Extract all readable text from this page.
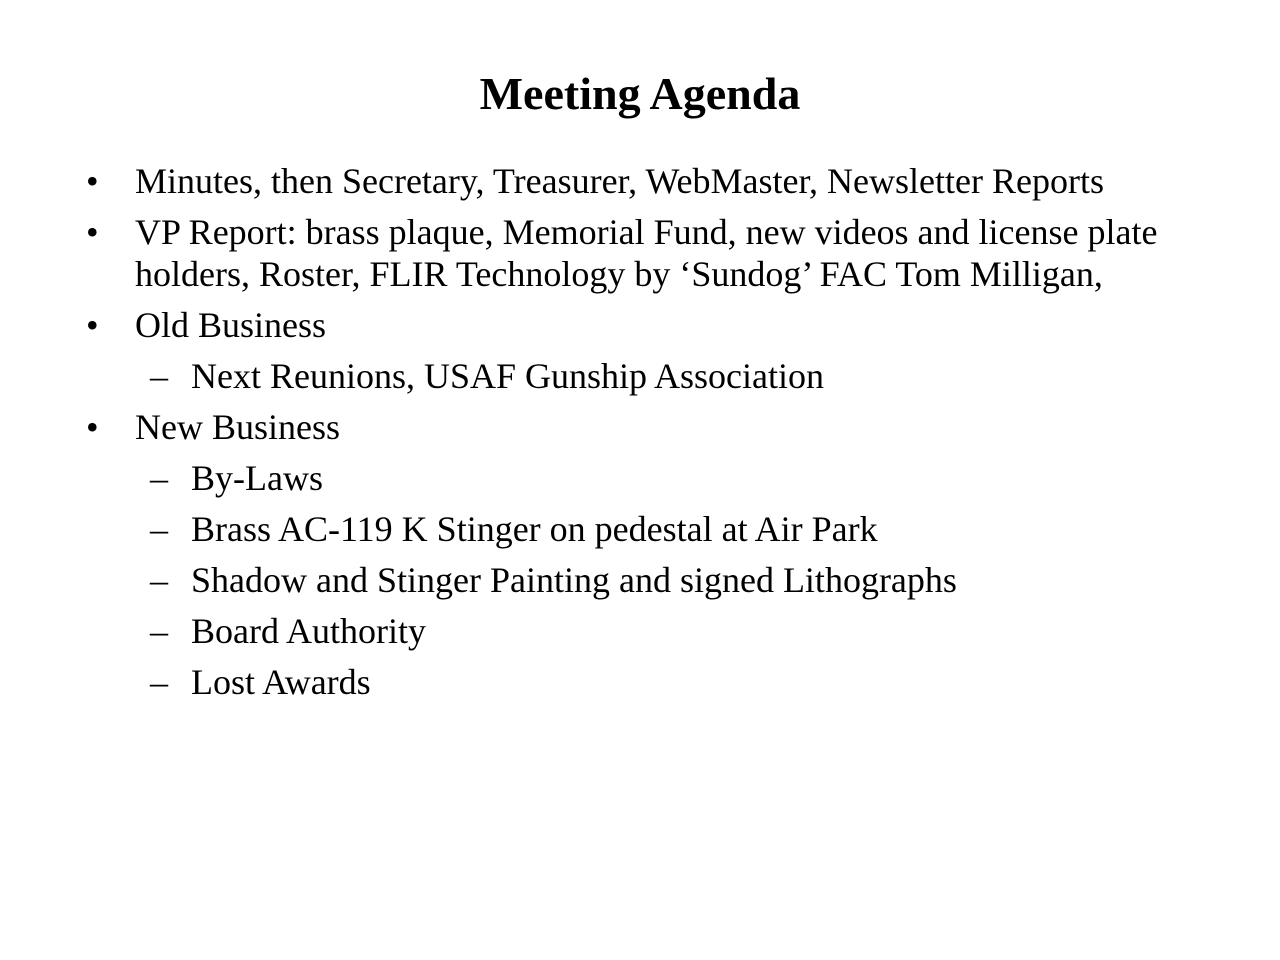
Meeting Agenda
• Minutes, then Secretary, Treasurer, WebMaster, Newsletter Reports
• VP Report: brass plaque, Memorial Fund, new videos and license plate holders, Roster, FLIR Technology by ‘Sundog’ FAC Tom Milligan,
• Old Business
– Next Reunions, USAF Gunship Association
• New Business
– By-Laws
– Brass AC-119 K Stinger on pedestal at Air Park
– Shadow and Stinger Painting and signed Lithographs
– Board Authority
– Lost Awards
